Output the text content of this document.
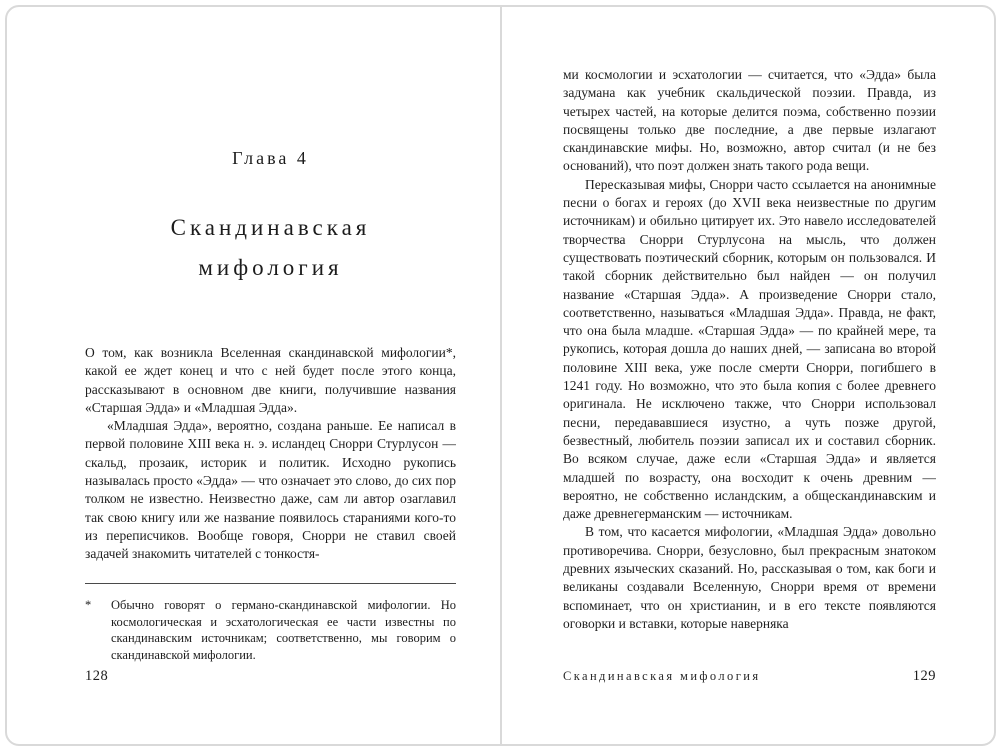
Глава 4
Скандинавская
мифология

О том, как возникла Вселенная скандинавской мифологии*, какой ее ждет конец и что с ней будет после этого конца, рассказывают в основном две книги, получившие названия «Старшая Эдда» и «Младшая Эдда».

«Младшая Эдда», вероятно, создана раньше. Ее написал в первой половине XIII века н. э. исландец Снорри Стурлусон — скальд, прозаик, историк и политик. Исходно рукопись называлась просто «Эдда» — что означает это слово, до сих пор толком не известно. Неизвестно даже, сам ли автор озаглавил так свою книгу или же название появилось стараниями кого-то из переписчиков. Вообще говоря, Снорри не ставил своей задачей знакомить читателей с тонкостя-

*	Обычно говорят о германо-скандинавской мифологии. Но космологическая и эсхатологическая ее части известны по скандинавским источникам; соответственно, мы говорим о скандинавской мифологии.
128

ми космологии и эсхатологии — считается, что «Эдда» была задумана как учебник скальдической поэзии. Правда, из четырех частей, на которые делится поэма, собственно поэзии посвящены только две последние, а две первые излагают скандинавские мифы. Но, возможно, автор считал (и не без оснований), что поэт должен знать такого рода вещи.

Пересказывая мифы, Снорри часто ссылается на анонимные песни о богах и героях (до XVII века неизвестные по другим источникам) и обильно цитирует их. Это навело исследователей творчества Снорри Стурлусона на мысль, что должен существовать поэтический сборник, которым он пользовался. И такой сборник действительно был найден — он получил название «Старшая Эдда». А произведение Снорри стало, соответственно, называться «Младшая Эдда». Правда, не факт, что она была младше. «Старшая Эдда» — по крайней мере, та рукопись, которая дошла до наших дней, — записана во второй половине XIII века, уже после смерти Снорри, погибшего в 1241 году. Но возможно, что это была копия с более древнего оригинала. Не исключено также, что Снорри использовал песни, передававшиеся изустно, а чуть позже другой, безвестный, любитель поэзии записал их и составил сборник. Во всяком случае, даже если «Старшая Эдда» и является младшей по возрасту, она восходит к очень древним — вероятно, не собственно исландским, а общескандинавским и даже древнегерманским — источникам.

В том, что касается мифологии, «Младшая Эдда» довольно противоречива. Снорри, безусловно, был прекрасным знатоком древних языческих сказаний. Но, рассказывая о том, как боги и великаны создавали Вселенную, Снорри время от времени вспоминает, что он христианин, и в его тексте появляются оговорки и вставки, которые наверняка

Скандинавская мифология	129
